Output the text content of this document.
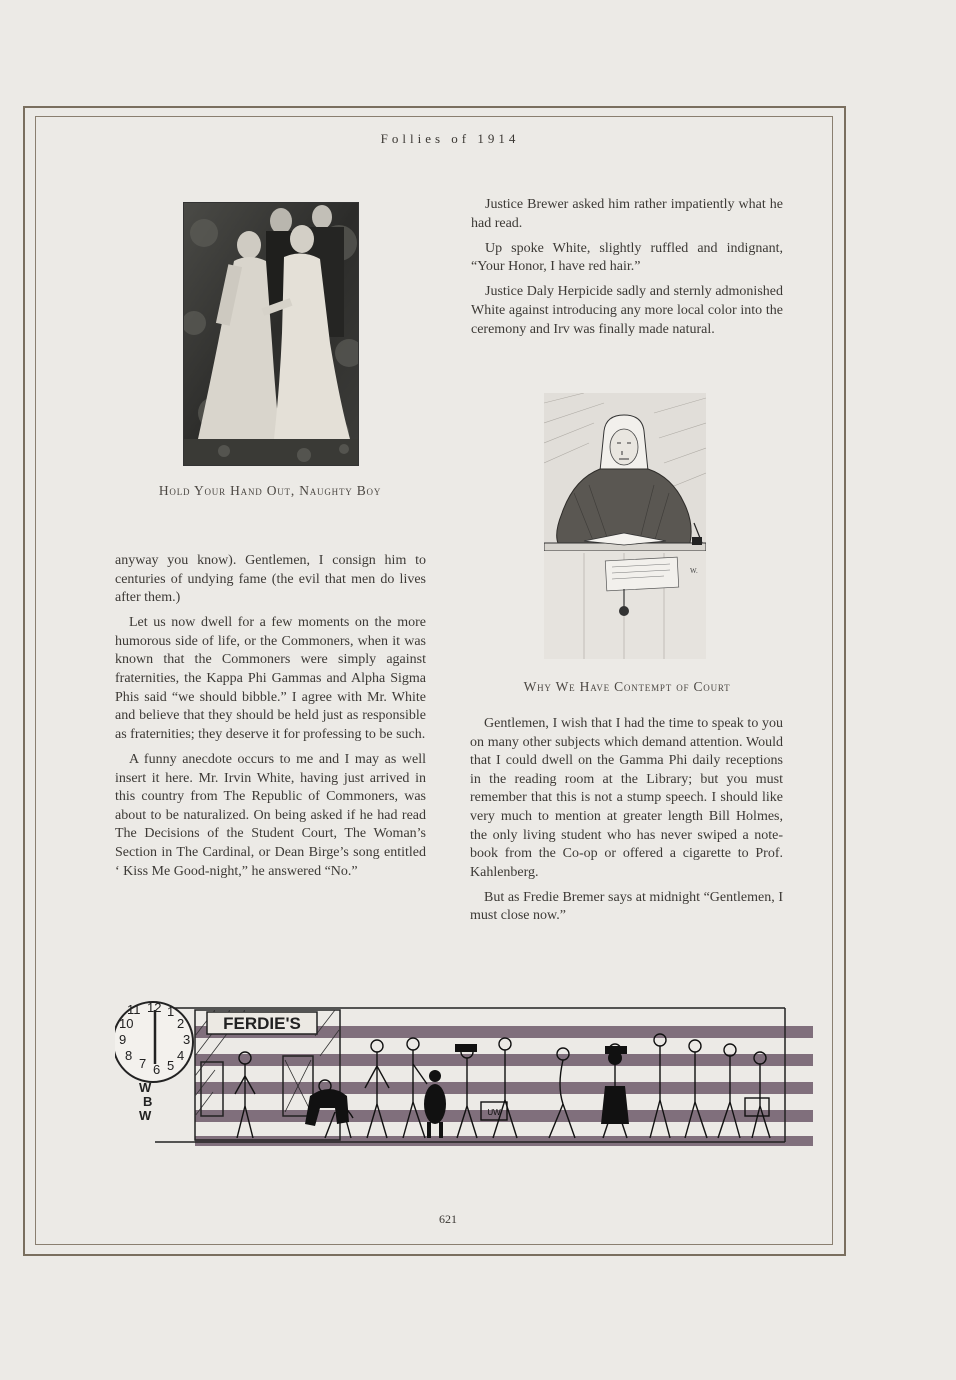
Follies of 1914
Hold Your Hand Out, Naughty Boy

Justice Brewer asked him rather impatiently what he had read.

Up spoke White, slightly ruffled and indignant, “Your Honor, I have red hair.”

Justice Daly Herpicide sadly and sternly admonished White against introducing any more local color into the ceremony and Irv was finally made natural.

W.
Why We Have Contempt of Court

anyway you know). Gentlemen, I consign him to centuries of undying fame (the evil that men do lives after them.)

Let us now dwell for a few moments on the more humorous side of life, or the Commoners, when it was known that the Commoners were simply against fraternities, the Kappa Phi Gammas and Alpha Sigma Phis said “we should bibble.” I agree with Mr. White and believe that they should be held just as responsible as fraternities; they deserve it for professing to be such.

A funny anecdote occurs to me and I may as well insert it here. Mr. Irvin White, having just arrived in this country from The Republic of Commoners, was about to be naturalized. On being asked if he had read The Decisions of the Student Court, The Woman’s Section in The Cardinal, or Dean Birge’s song entitled ‘ Kiss Me Good-night,” he answered “No.”

Gentlemen, I wish that I had the time to speak to you on many other subjects which demand attention. Would that I could dwell on the Gamma Phi daily receptions in the reading room at the Library; but you must remember that this is not a stump speech. I should like very much to mention at greater length Bill Holmes, the only living student who has never swiped a note-book from the Co-op or offered a cigarette to Prof. Kahlenberg.

But as Fredie Bremer says at midnight “Gentlemen, I must close now.”

FERDIE'S
12 1
2
3
4
5
6
7
8
9
10
11
W
B
W	UW
621
